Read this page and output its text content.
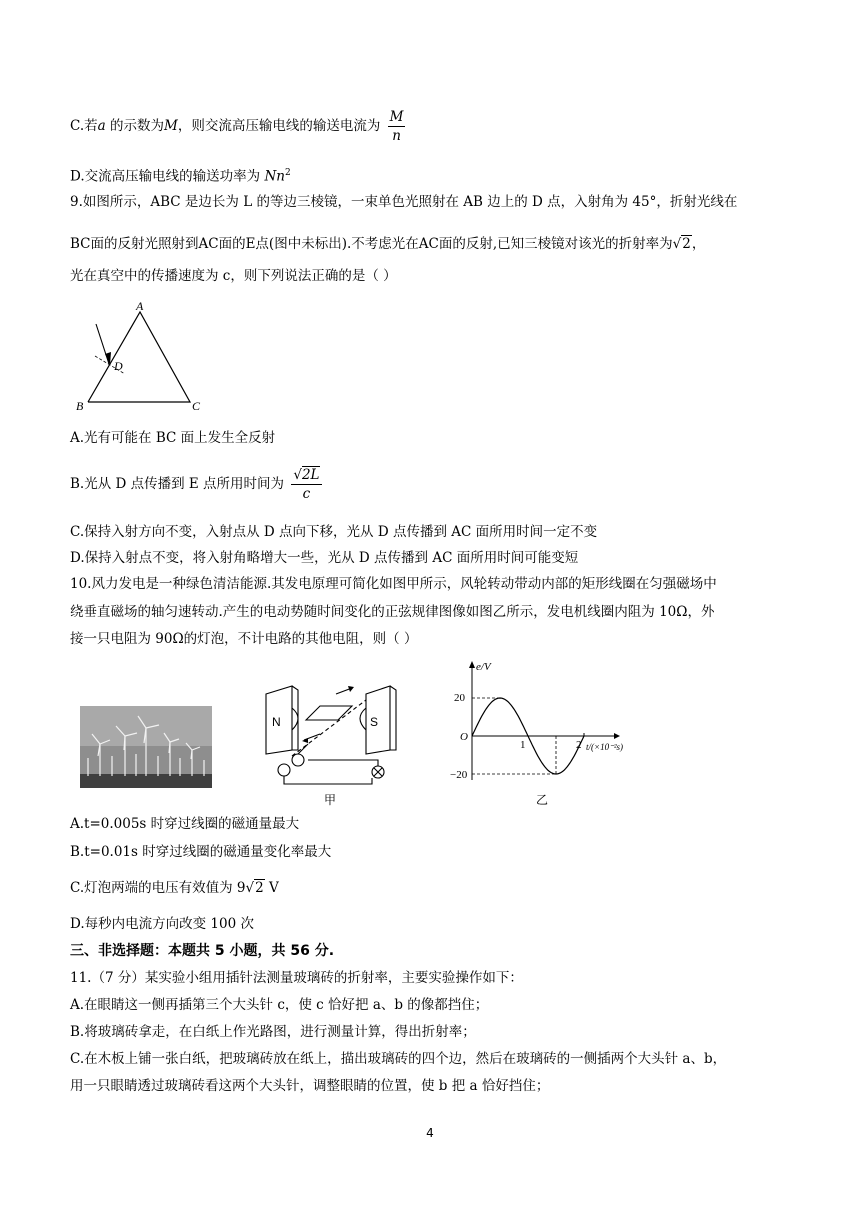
C.若a 的示数为M，则交流高压输电线的输送电流为 $\frac{M}{n}$
D.交流高压输电线的输送功率为 Nn$^2$
9.如图所示，ABC 是边长为 L 的等边三棱镜，一束单色光照射在 AB 边上的 D 点，入射角为 45°，折射光线在
BC面的反射光照射到AC面的E点(图中未标出).不考虑光在AC面的反射,已知三棱镜对该光的折射率为√2，
光在真空中的传播速度为 c，则下列说法正确的是（ ）
A
B	C
D
A.光有可能在 BC 面上发生全反射
B.光从 D 点传播到 E 点所用时间为 $\frac{√2L}{c}$
C.保持入射方向不变，入射点从 D 点向下移，光从 D 点传播到 AC 面所用时间一定不变
D.保持入射点不变，将入射角略增大一些，光从 D 点传播到 AC 面所用时间可能变短
10.风力发电是一种绿色清洁能源.其发电原理可简化如图甲所示，风轮转动带动内部的矩形线圈在匀强磁场中
绕垂直磁场的轴匀速转动.产生的电动势随时间变化的正弦规律图像如图乙所示，发电机线圈内阻为 10Ω，外
接一只电阻为 90Ω的灯泡，不计电路的其他电阻，则（ ）
N	S
甲
e/V
t/(×10⁻²s)
O
20
−20
1	2
乙
A.t=0.005s 时穿过线圈的磁通量最大
B.t=0.01s 时穿过线圈的磁通量变化率最大
C.灯泡两端的电压有效值为 9√2 V
D.每秒内电流方向改变 100 次
三、非选择题：本题共 5 小题，共 56 分.
11.（7 分）某实验小组用插针法测量玻璃砖的折射率，主要实验操作如下：
A.在眼睛这一侧再插第三个大头针 c，使 c 恰好把 a、b 的像都挡住；
B.将玻璃砖拿走，在白纸上作光路图，进行测量计算，得出折射率；
C.在木板上铺一张白纸，把玻璃砖放在纸上，描出玻璃砖的四个边，然后在玻璃砖的一侧插两个大头针 a、b，
用一只眼睛透过玻璃砖看这两个大头针，调整眼睛的位置，使 b 把 a 恰好挡住；
4
